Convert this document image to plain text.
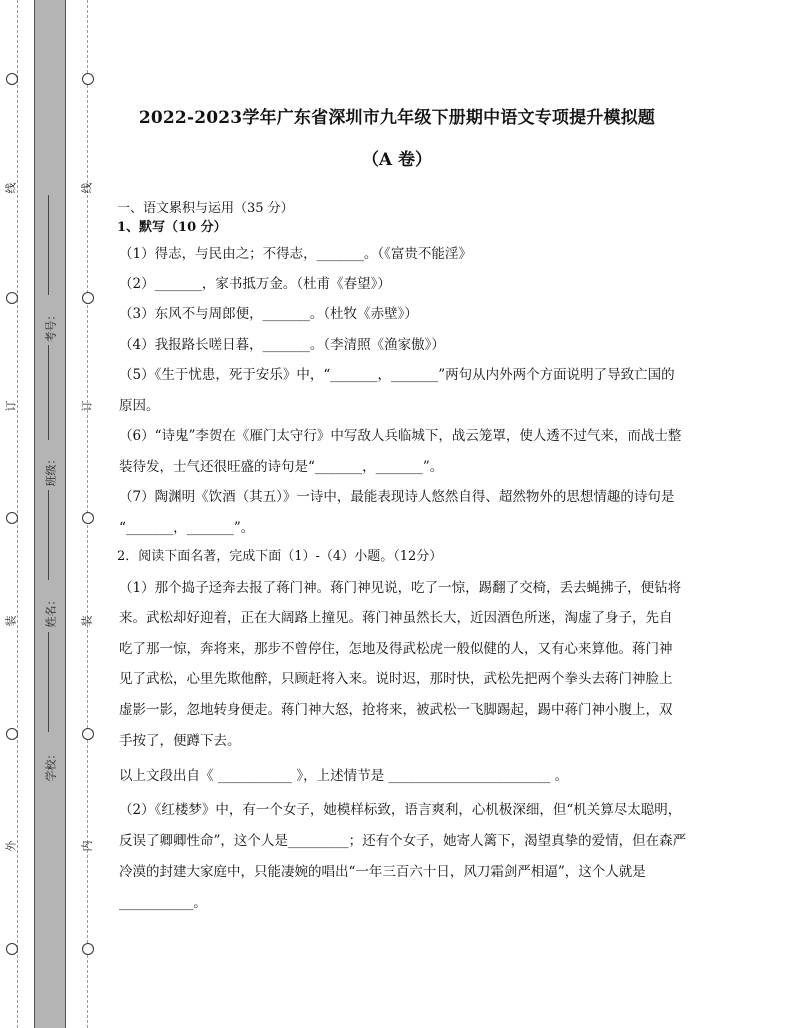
线
订
装
外
线
订
装
内
考号：
班级：
姓名：
学校：
2022-2023学年广东省深圳市九年级下册期中语文专项提升模拟题
（A 卷）
一、语文累积与运用（35 分）
1、默写（10 分）
（1）得志，与民由之；不得志，_______。（《富贵不能淫》
（2）_______，家书抵万金。（杜甫《春望》）
（3）东风不与周郎便，_______。（杜牧《赤壁》）
（4）我报路长嗟日暮，_______。（李清照《渔家傲》）
（5）《生于忧患，死于安乐》中，“_______，_______”两句从内外两个方面说明了导致亡国的
原因。
（6）“诗鬼”李贺在《雁门太守行》中写敌人兵临城下，战云笼罩，使人透不过气来，而战士整
装待发，士气还很旺盛的诗句是“_______，_______”。
（7）陶渊明《饮酒（其五）》一诗中，最能表现诗人悠然自得、超然物外的思想情趣的诗句是
“_______，_______”。
2．阅读下面名著，完成下面（1）-（4）小题。（12分）
（1）那个捣子迳奔去报了蒋门神。蒋门神见说，吃了一惊，踢翻了交椅，丢去蝇拂子，便钻将
来。武松却好迎着，正在大阔路上撞见。蒋门神虽然长大，近因酒色所迷，淘虚了身子，先自
吃了那一惊，奔将来，那步不曾停住，怎地及得武松虎一般似健的人，又有心来算他。蒋门神
见了武松，心里先欺他醉，只顾赶将入来。说时迟，那时快，武松先把两个拳头去蒋门神脸上
虚影一影，忽地转身便走。蒋门神大怒，抢将来，被武松一飞脚踢起，踢中蒋门神小腹上，双
手按了，便蹲下去。
以上文段出自《 ___________ 》，上述情节是 ________________________ 。
（2）《红楼梦》中，有一个女子，她模样标致，语言爽利，心机极深细，但“机关算尽太聪明，
反误了卿卿性命”，这个人是_________；还有个女子，她寄人篱下，渴望真挚的爱情，但在森严
冷漠的封建大家庭中，只能凄婉的唱出“一年三百六十日，风刀霜剑严相逼”，这个人就是
___________。
